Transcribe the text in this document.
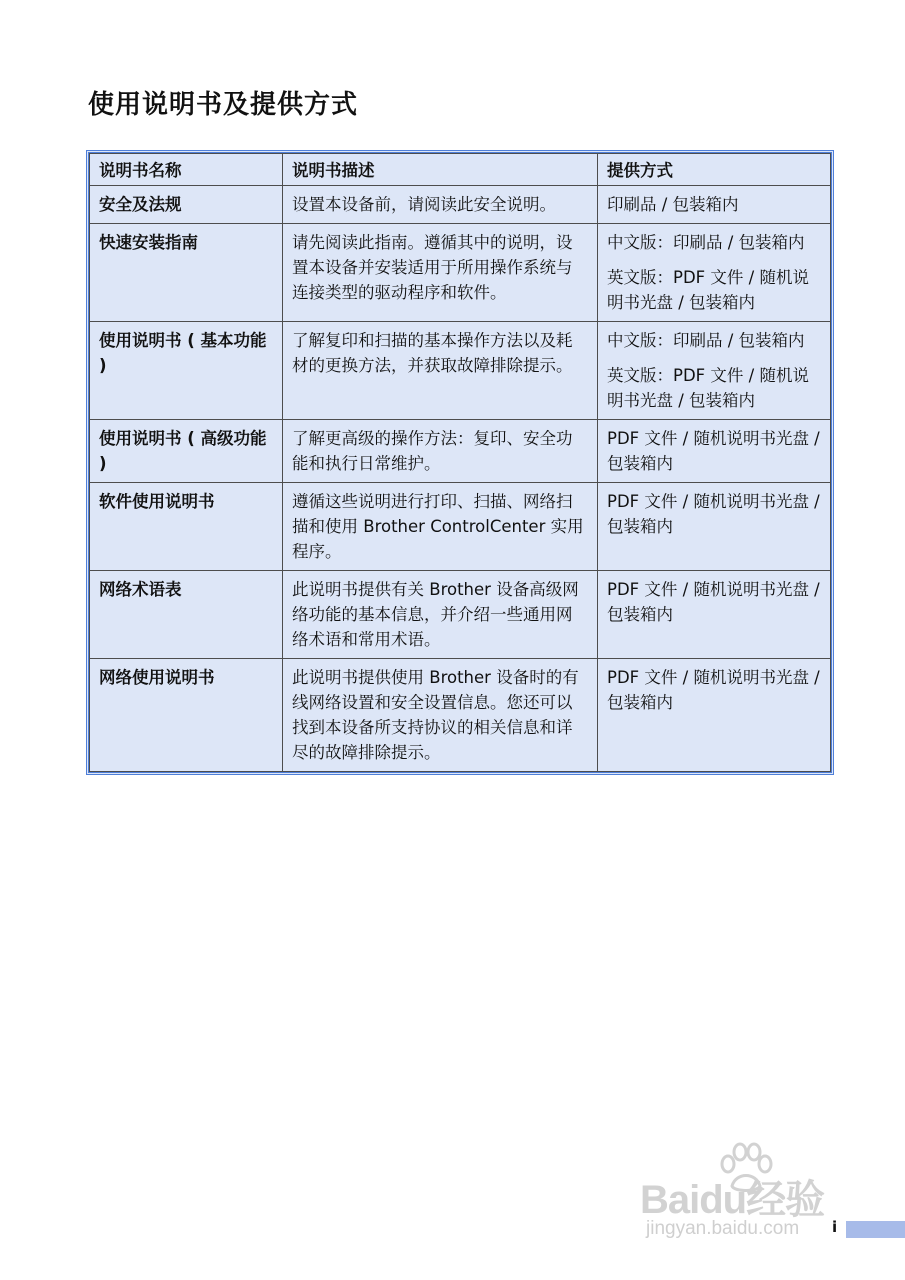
使用说明书及提供方式
说明书名称	说明书描述	提供方式
安全及法规	设置本设备前，请阅读此安全说明。	印刷品 / 包装箱内

快速安装指南	请先阅读此指南。遵循其中的说明，设置本设备并安装适用于所用操作系统与连接类型的驱动程序和软件。	中文版：印刷品 / 包装箱内
英文版：PDF 文件 / 随机说明书光盘 / 包装箱内

使用说明书 ( 基本功能 )	了解复印和扫描的基本操作方法以及耗材的更换方法，并获取故障排除提示。	中文版：印刷品 / 包装箱内
英文版：PDF 文件 / 随机说明书光盘 / 包装箱内

使用说明书 ( 高级功能 )	了解更高级的操作方法：复印、安全功能和执行日常维护。	PDF 文件 / 随机说明书光盘 / 包装箱内

软件使用说明书	遵循这些说明进行打印、扫描、网络扫描和使用 Brother ControlCenter 实用程序。	PDF 文件 / 随机说明书光盘 / 包装箱内

网络术语表	此说明书提供有关 Brother 设备高级网络功能的基本信息，并介绍一些通用网络术语和常用术语。	PDF 文件 / 随机说明书光盘 / 包装箱内

网络使用说明书	此说明书提供使用 Brother 设备时的有线网络设置和安全设置信息。您还可以找到本设备所支持协议的相关信息和详尽的故障排除提示。	PDF 文件 / 随机说明书光盘 / 包装箱内
Baidu经验
jingyan.baidu.com i
